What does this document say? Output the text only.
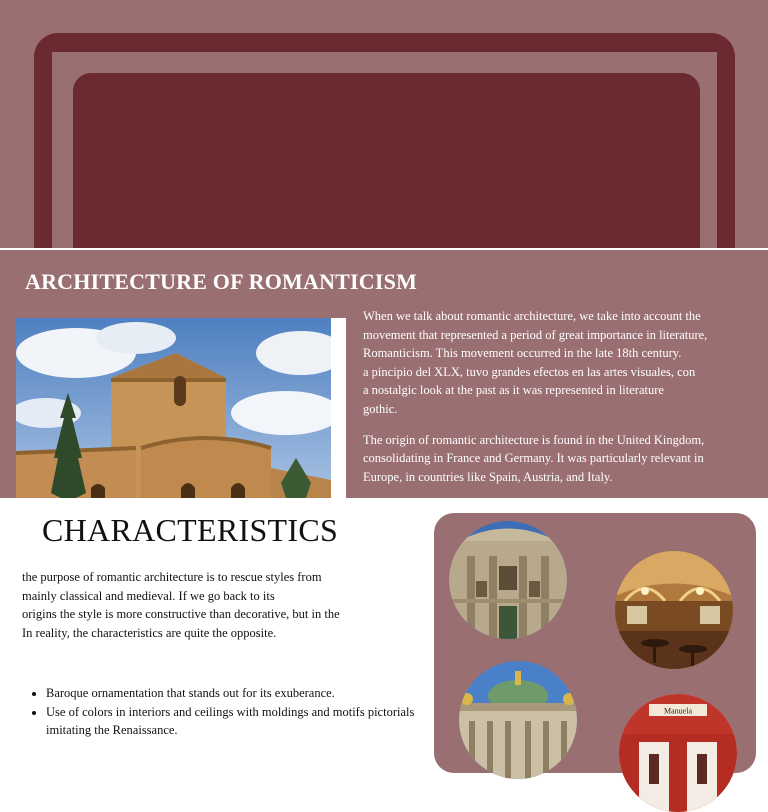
ARCHITECTURE OF ROMANTICISM

When we talk about romantic architecture, we take into account the
movement that represented a period of great importance in literature,
Romanticism. This movement occurred in the late 18th century.
a pincipio del XLX, tuvo grandes efectos en las artes visuales, con
a nostalgic look at the past as it was represented in literature
gothic.

The origin of romantic architecture is found in the United Kingdom,
consolidating in France and Germany. It was particularly relevant in
Europe, in countries like Spain, Austria, and Italy.

CHARACTERISTICS

the purpose of romantic architecture is to rescue styles from
mainly classical and medieval. If we go back to its
origins the style is more constructive than decorative, but in the
In reality, the characteristics are quite the opposite.

• Baroque ornamentation that stands out for its exuberance.
• Use of colors in interiors and ceilings with moldings and motifs pictorials imitating the Renaissance.
Manuela
